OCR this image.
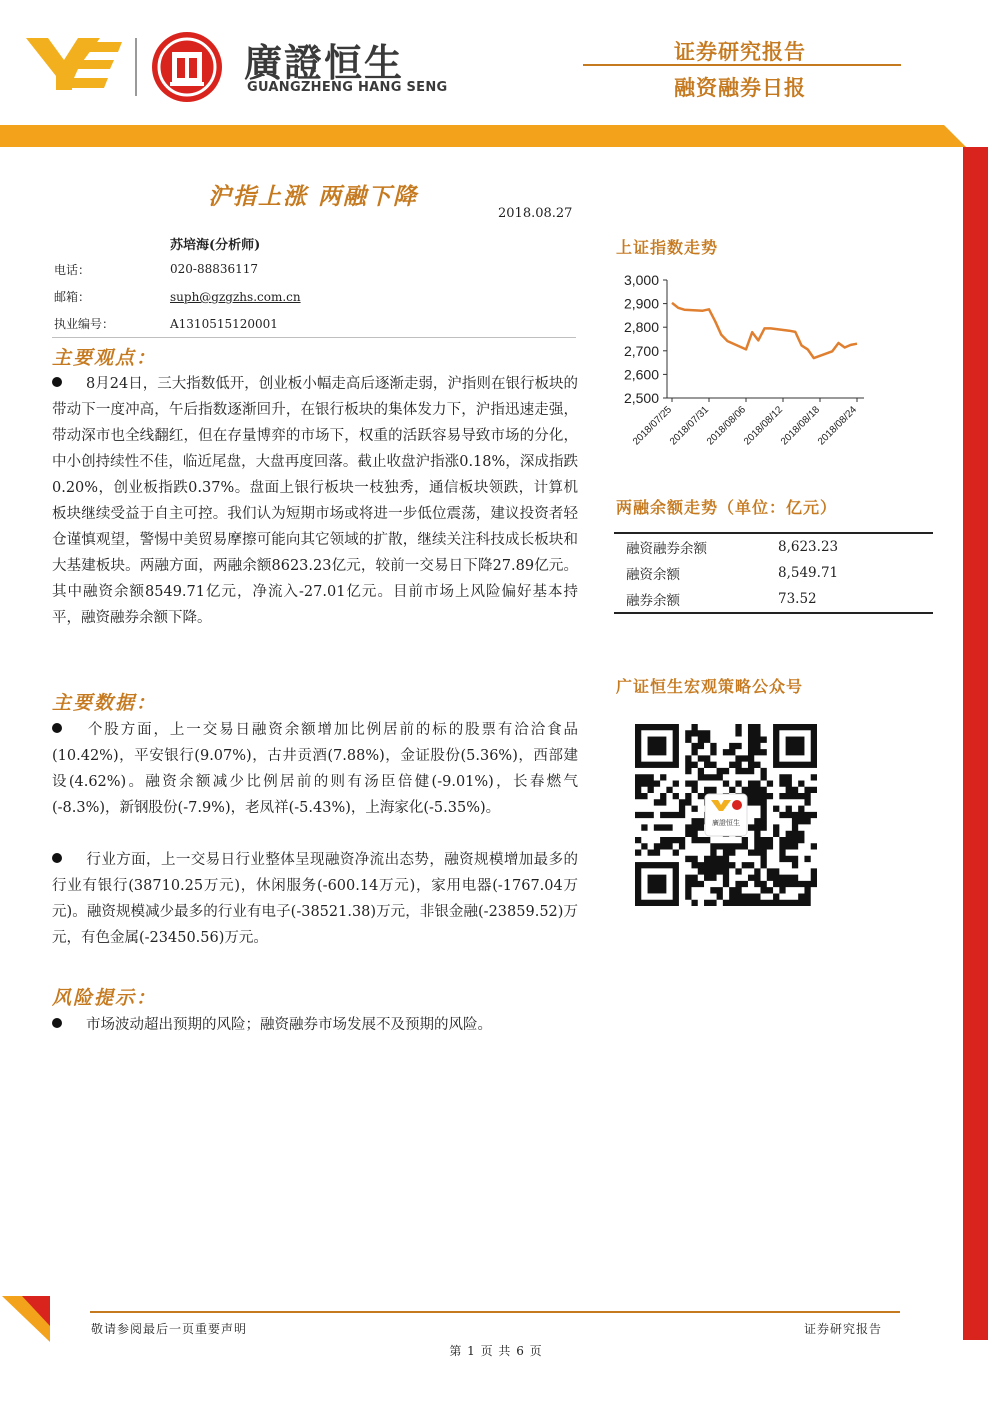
廣證恒生
GUANGZHENG HANG SENG
证券研究报告
融资融券日报
沪指上涨 两融下降
2018.08.27
苏培海(分析师)
电话：	020-88836117
邮箱：	suph@gzgzhs.com.cn
执业编号：	A1310515120001
主要观点：
8月24日，三大指数低开，创业板小幅走高后逐渐走弱，沪指则在银行板块的带动下一度冲高，午后指数逐渐回升，在银行板块的集体发力下，沪指迅速走强，带动深市也全线翻红，但在存量博弈的市场下，权重的活跃容易导致市场的分化，中小创持续性不佳，临近尾盘，大盘再度回落。截止收盘沪指涨0.18%，深成指跌0.20%，创业板指跌0.37%。盘面上银行板块一枝独秀，通信板块领跌，计算机板块继续受益于自主可控。我们认为短期市场或将进一步低位震荡，建议投资者轻仓谨慎观望，警惕中美贸易摩擦可能向其它领域的扩散，继续关注科技成长板块和大基建板块。两融方面，两融余额8623.23亿元，较前一交易日下降27.89亿元。其中融资余额8549.71亿元，净流入-27.01亿元。目前市场上风险偏好基本持平，融资融券余额下降。
主要数据：
个股方面，上一交易日融资余额增加比例居前的标的股票有洽洽食品(10.42%)，平安银行(9.07%)，古井贡酒(7.88%)，金证股份(5.36%)，西部建设(4.62%)。融资余额减少比例居前的则有汤臣倍健(-9.01%)，长春燃气(-8.3%)，新钢股份(-7.9%)，老凤祥(-5.43%)，上海家化(-5.35%)。
行业方面，上一交易日行业整体呈现融资净流出态势，融资规模增加最多的行业有银行(38710.25万元)，休闲服务(-600.14万元)，家用电器(-1767.04万元)。融资规模减少最多的行业有电子(-38521.38)万元，非银金融(-23859.52)万元，有色金属(-23450.56)万元。
风险提示：
市场波动超出预期的风险；融资融券市场发展不及预期的风险。
上证指数走势
2,500
2,600
2,700
2,800
2,900
3,000
2018/07/25
2018/07/31
2018/08/06
2018/08/12
2018/08/18
2018/08/24
两融余额走势（单位：亿元）
融资融券余额	8,623.23
融资余额	8,549.71
融券余额	73.52
广证恒生宏观策略公众号
廣證恒生
敬请参阅最后一页重要声明	证券研究报告
第 1 页 共 6 页
